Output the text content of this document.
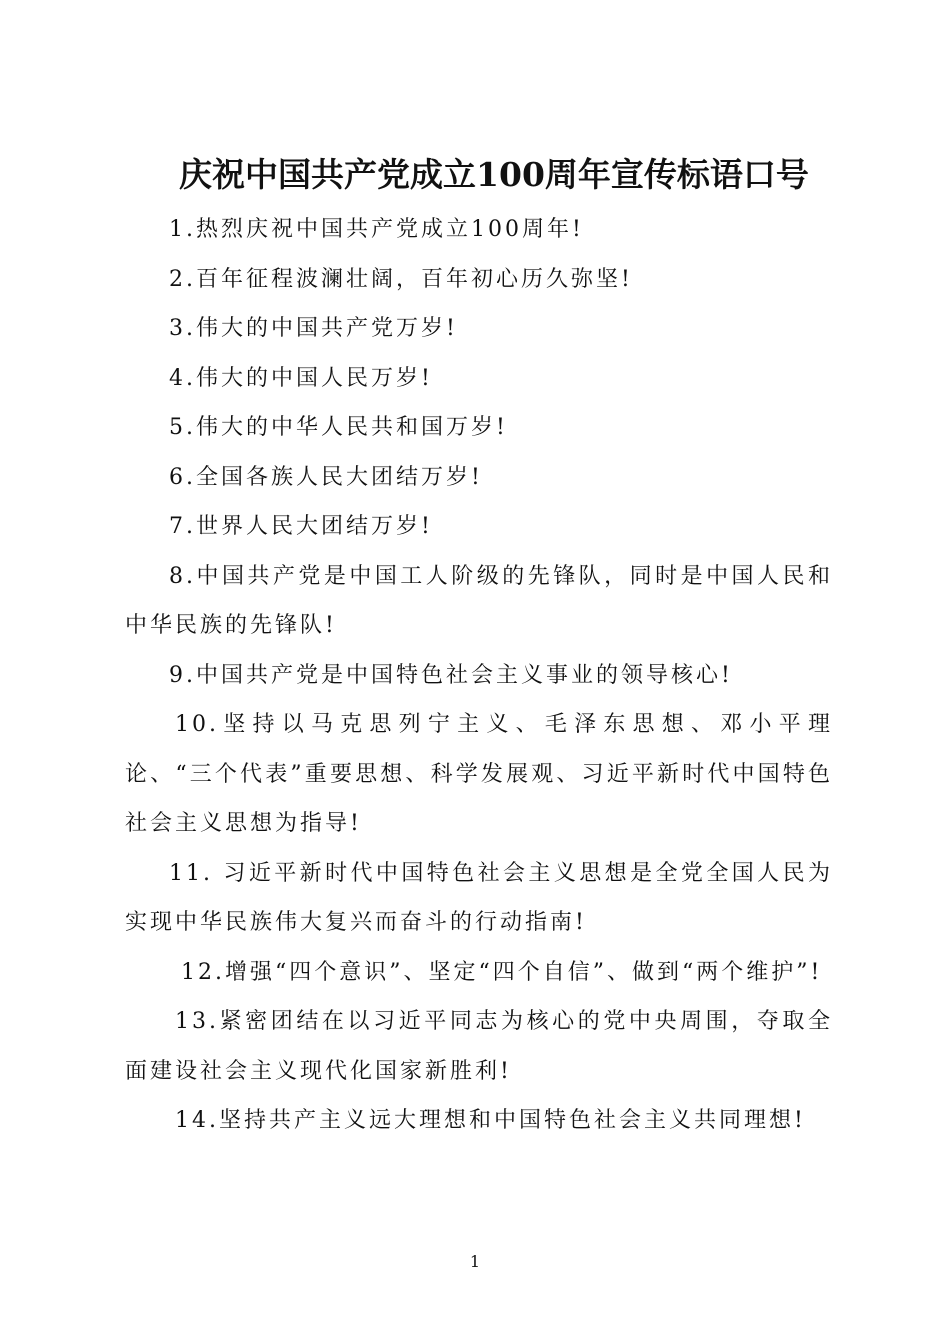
庆祝中国共产党成立100周年宣传标语口号

1.热烈庆祝中国共产党成立100周年!

2.百年征程波澜壮阔，百年初心历久弥坚!

3.伟大的中国共产党万岁!

4.伟大的中国人民万岁!

5.伟大的中华人民共和国万岁!

6.全国各族人民大团结万岁!

7.世界人民大团结万岁!

8.中国共产党是中国工人阶级的先锋队，同时是中国人民和中华民族的先锋队!

9.中国共产党是中国特色社会主义事业的领导核心!

10.坚持以马克思列宁主义、毛泽东思想、邓小平理论、“三个代表”重要思想、科学发展观、习近平新时代中国特色社会主义思想为指导!

11. 习近平新时代中国特色社会主义思想是全党全国人民为实现中华民族伟大复兴而奋斗的行动指南!

12.增强“四个意识”、坚定“四个自信”、做到“两个维护”!

13.紧密团结在以习近平同志为核心的党中央周围，夺取全面建设社会主义现代化国家新胜利!

14.坚持共产主义远大理想和中国特色社会主义共同理想!

1
